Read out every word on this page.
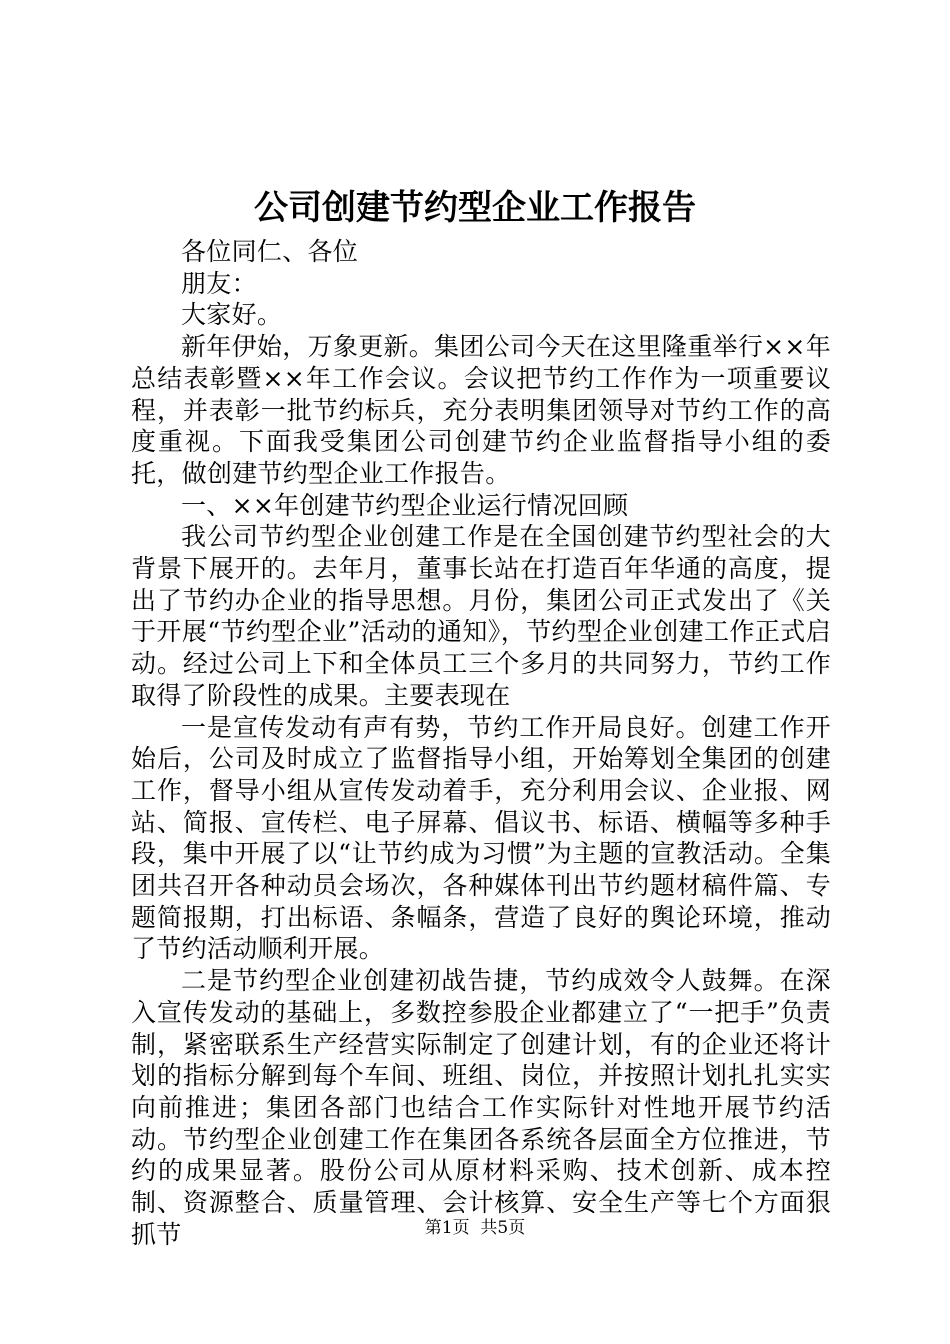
公司创建节约型企业工作报告

各位同仁、各位

朋友：

大家好。

新年伊始，万象更新。集团公司今天在这里隆重举行××年总结表彰暨××年工作会议。会议把节约工作作为一项重要议程，并表彰一批节约标兵，充分表明集团领导对节约工作的高度重视。下面我受集团公司创建节约企业监督指导小组的委托，做创建节约型企业工作报告。

一、××年创建节约型企业运行情况回顾

我公司节约型企业创建工作是在全国创建节约型社会的大背景下展开的。去年月，董事长站在打造百年华通的高度，提出了节约办企业的指导思想。月份，集团公司正式发出了《关于开展“节约型企业”活动的通知》，节约型企业创建工作正式启动。经过公司上下和全体员工三个多月的共同努力，节约工作取得了阶段性的成果。主要表现在

一是宣传发动有声有势，节约工作开局良好。创建工作开始后，公司及时成立了监督指导小组，开始筹划全集团的创建工作，督导小组从宣传发动着手，充分利用会议、企业报、网站、简报、宣传栏、电子屏幕、倡议书、标语、横幅等多种手段，集中开展了以“让节约成为习惯”为主题的宣教活动。全集团共召开各种动员会场次，各种媒体刊出节约题材稿件篇、专题简报期，打出标语、条幅条，营造了良好的舆论环境，推动了节约活动顺利开展。

二是节约型企业创建初战告捷，节约成效令人鼓舞。在深入宣传发动的基础上，多数控参股企业都建立了“一把手”负责制，紧密联系生产经营实际制定了创建计划，有的企业还将计划的指标分解到每个车间、班组、岗位，并按照计划扎扎实实向前推进；集团各部门也结合工作实际针对性地开展节约活动。节约型企业创建工作在集团各系统各层面全方位推进，节约的成果显著。股份公司从原材料采购、技术创新、成本控制、资源整合、质量管理、会计核算、安全生产等七个方面狠抓节	第1页 共5页
